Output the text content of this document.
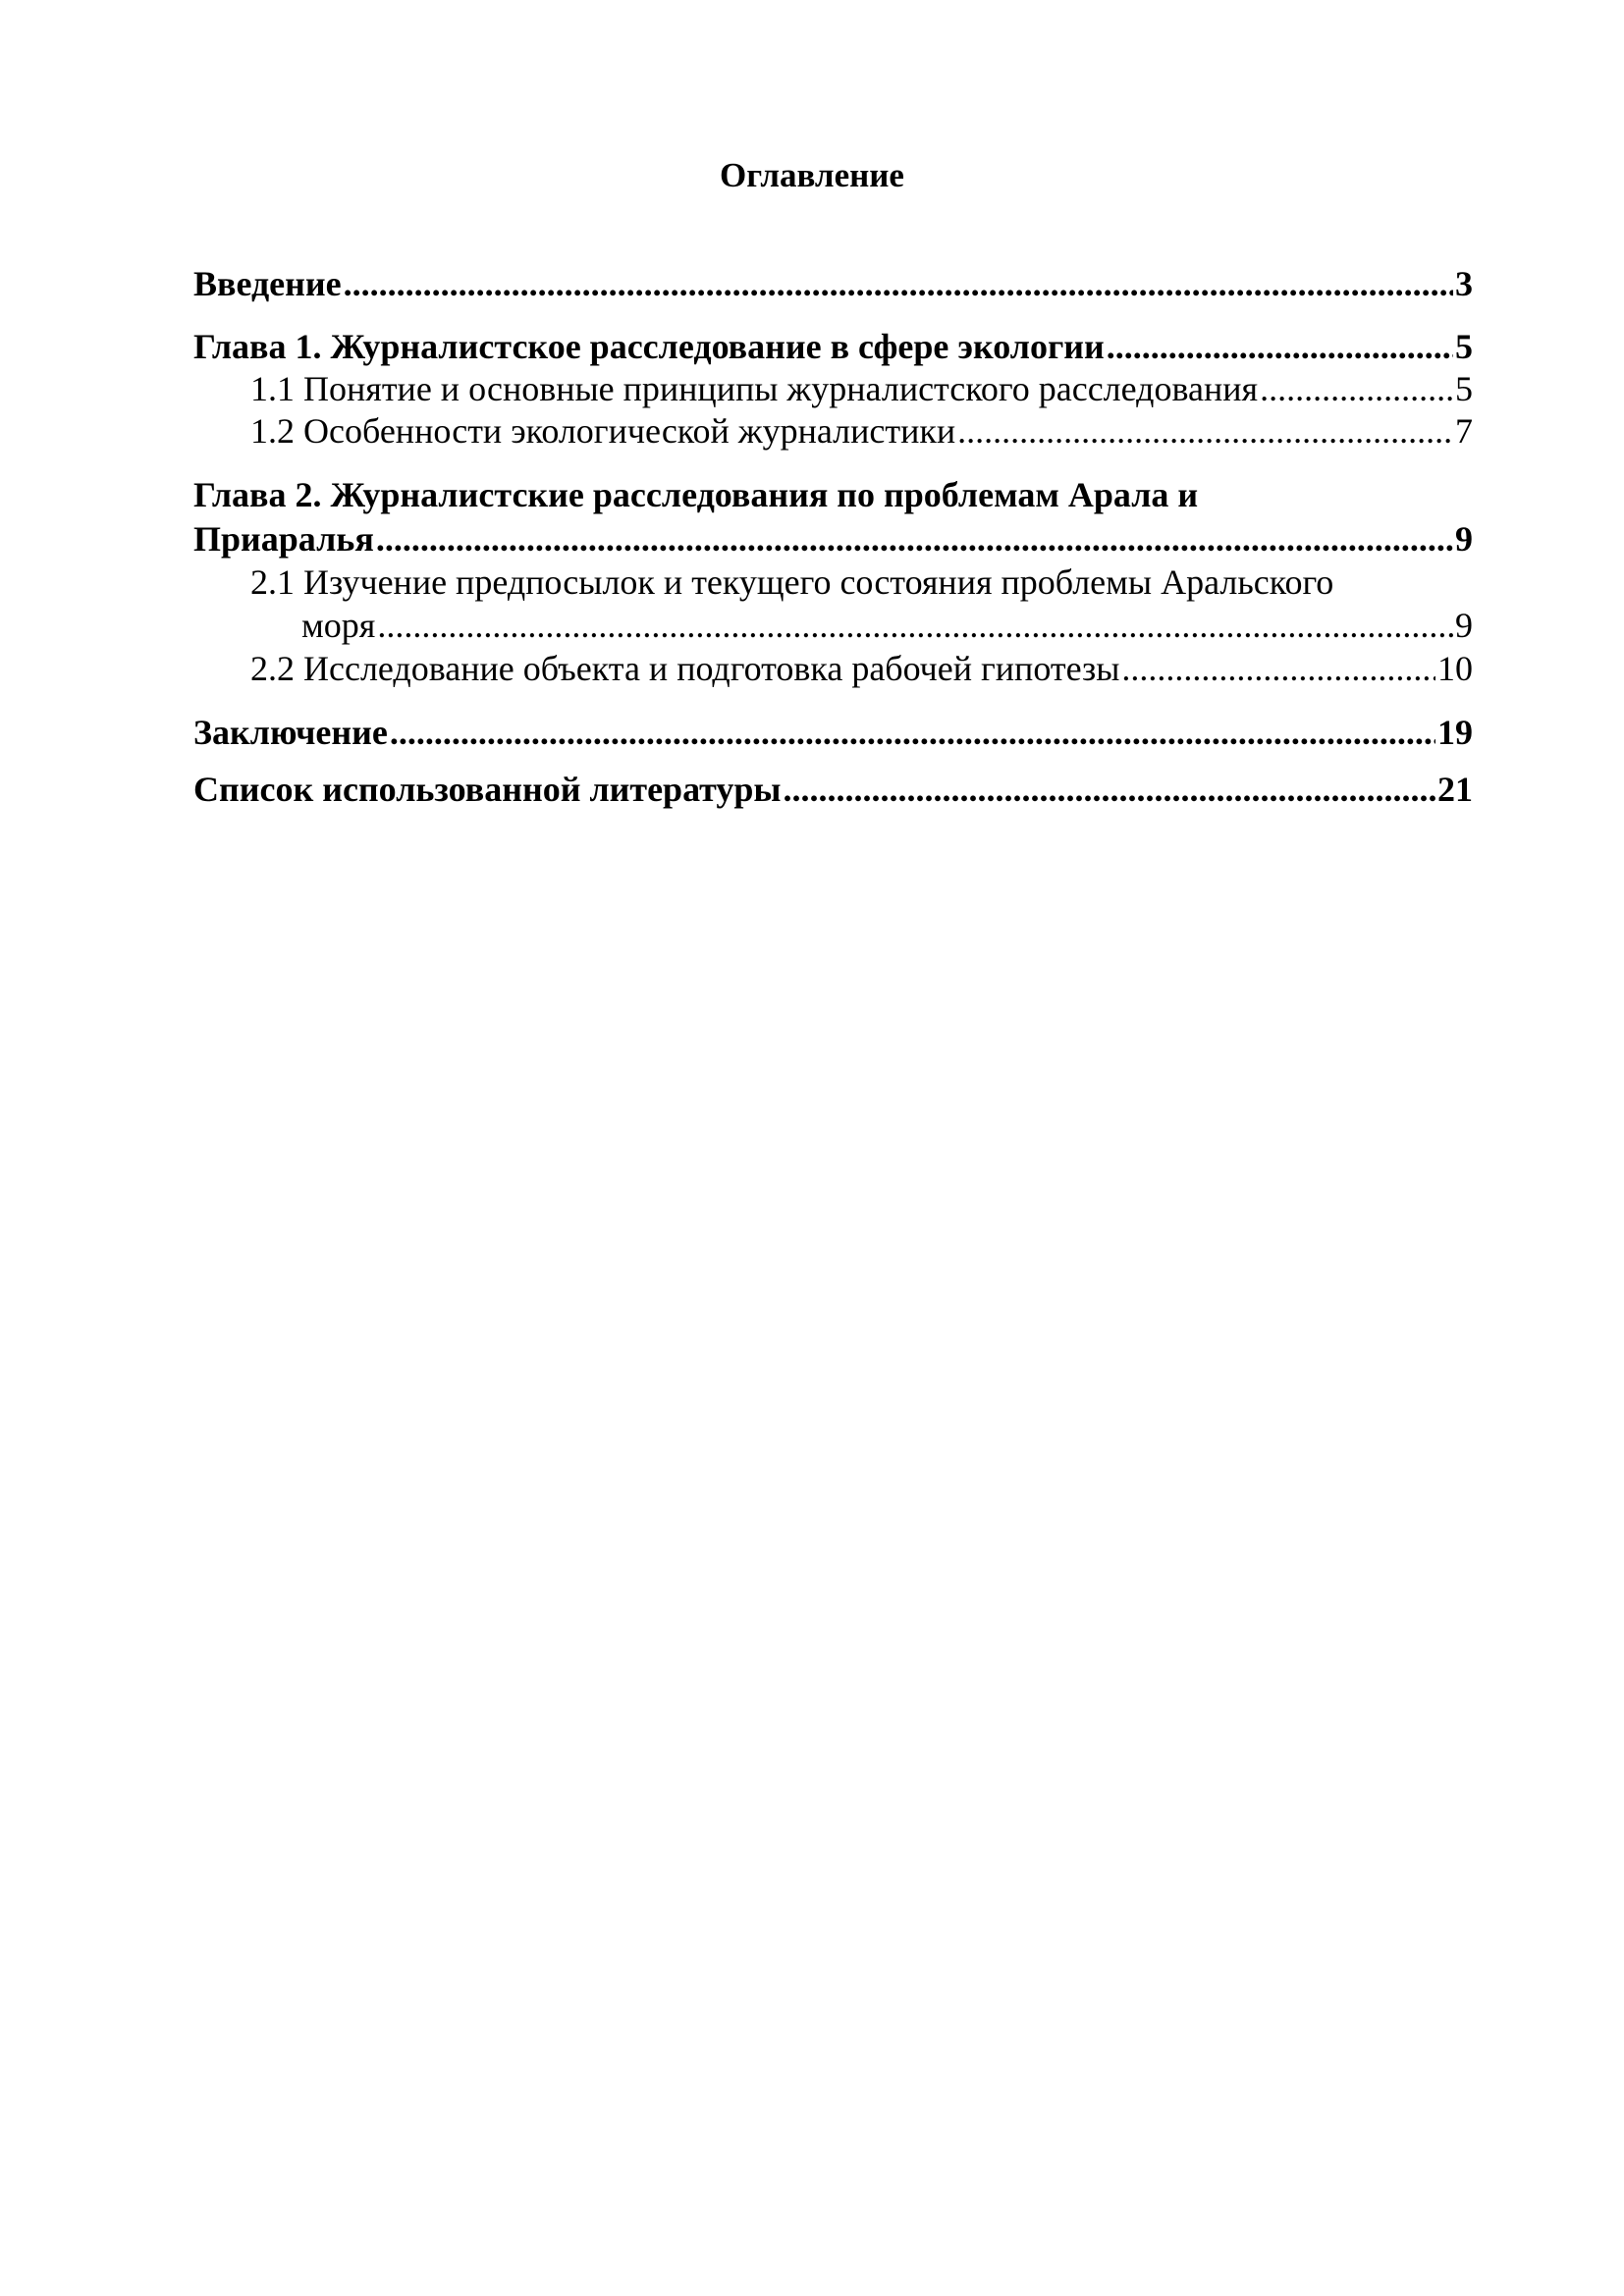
Оглавление
Введение .....	3
Глава 1. Журналистское расследование в сфере экологии .....	5
1.1 Понятие и основные принципы журналистского расследования .....	5
1.2 Особенности экологической журналистики .....	7
Глава 2. Журналистские расследования по проблемам Арала и
Приаралья .....	9
2.1 Изучение предпосылок и текущего состояния проблемы Аральского
моря .....	9
2.2 Исследование объекта и подготовка рабочей гипотезы .....	10
Заключение .....	19
Список использованной литературы .....	21
